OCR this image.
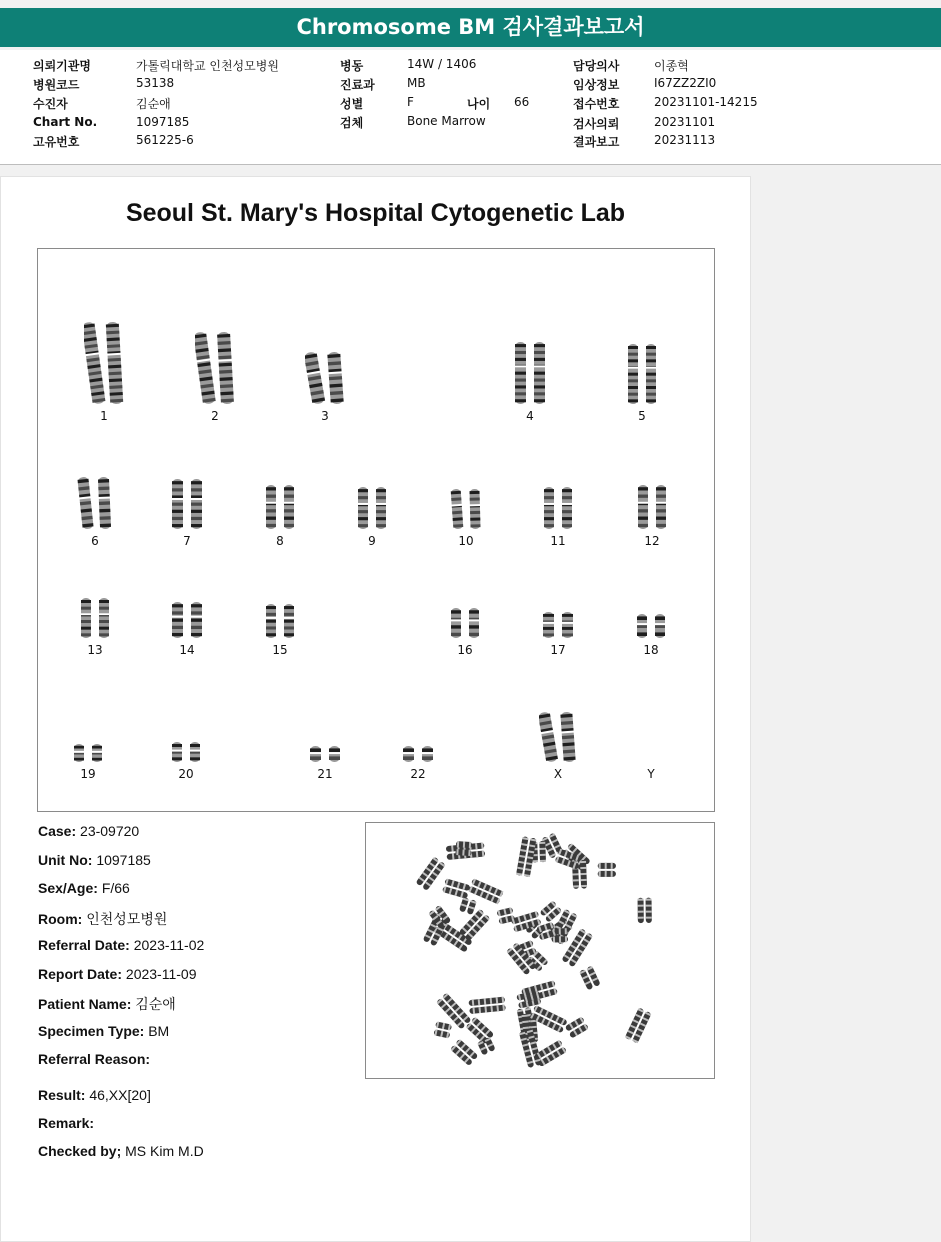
Chromosome BM 검사결과보고서
의뢰기관명	가톨릭대학교 인천성모병원
병원코드	53138
수진자	김순애
Chart No.	1097185
고유번호	561225-6
병동	14W / 1406
진료과	MB
성별	F	나이 66
검체	Bone Marrow
담당의사	이종혁
임상정보	I67ZZ2ZI0
접수번호	20231101-14215
검사의뢰	20231101
결과보고	20231113
Seoul St. Mary's Hospital Cytogenetic Lab
1	2	3	4	5
6	7	8	9	10	11	12
13	14	15	16	17	18
19	20	21	22	X	Y
Case: 23-09720
Unit No: 1097185
Sex/Age: F/66
Room: 인천성모병원
Referral Date: 2023-11-02
Report Date: 2023-11-09
Patient Name: 김순애
Specimen Type: BM
Referral Reason:
Result: 46,XX[20]
Remark:
Checked by; MS Kim M.D
